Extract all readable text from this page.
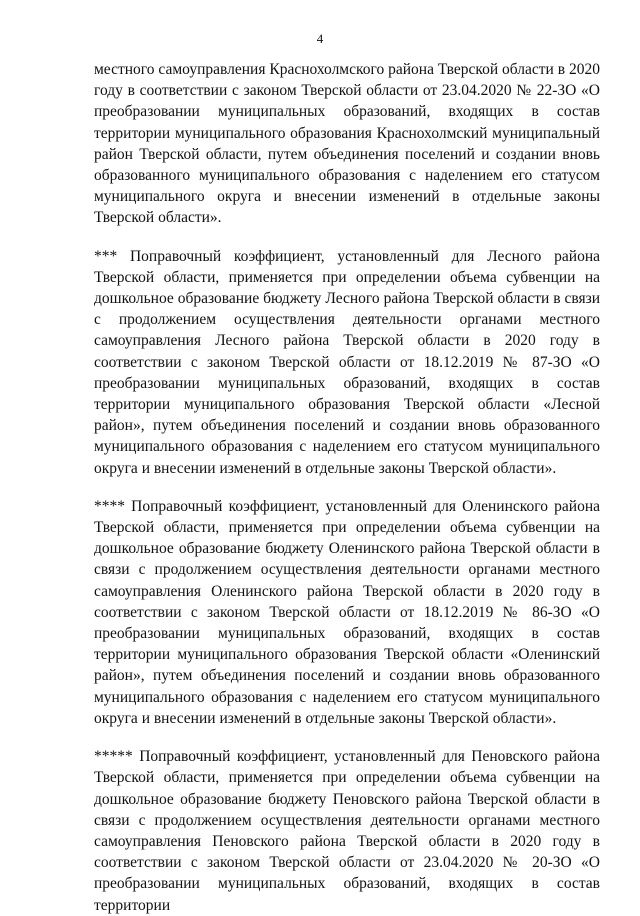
4

местного самоуправления Краснохолмского района Тверской области в 2020 году в соответствии с законом Тверской области от 23.04.2020 № 22-ЗО «О преобразовании муниципальных образований, входящих в состав территории муниципального образования Краснохолмский муниципальный район Тверской области, путем объединения поселений и создании вновь образованного муниципального образования с наделением его статусом муниципального округа и внесении изменений в отдельные законы Тверской области».

*** Поправочный коэффициент, установленный для Лесного района Тверской области, применяется при определении объема субвенции на дошкольное образование бюджету Лесного района Тверской области в связи с продолжением осуществления деятельности органами местного самоуправления Лесного района Тверской области в 2020 году в соответствии с законом Тверской области от 18.12.2019 № 87-ЗО «О преобразовании муниципальных образований, входящих в состав территории муниципального образования Тверской области «Лесной район», путем объединения поселений и создании вновь образованного муниципального образования с наделением его статусом муниципального округа и внесении изменений в отдельные законы Тверской области».

**** Поправочный коэффициент, установленный для Оленинского района Тверской области, применяется при определении объема субвенции на дошкольное образование бюджету Оленинского района Тверской области в связи с продолжением осуществления деятельности органами местного самоуправления Оленинского района Тверской области в 2020 году в соответствии с законом Тверской области от 18.12.2019 № 86-ЗО «О преобразовании муниципальных образований, входящих в состав территории муниципального образования Тверской области «Оленинский район», путем объединения поселений и создании вновь образованного муниципального образования с наделением его статусом муниципального округа и внесении изменений в отдельные законы Тверской области».

***** Поправочный коэффициент, установленный для Пеновского района Тверской области, применяется при определении объема субвенции на дошкольное образование бюджету Пеновского района Тверской области в связи с продолжением осуществления деятельности органами местного самоуправления Пеновского района Тверской области в 2020 году в соответствии с законом Тверской области от 23.04.2020 № 20-ЗО «О преобразовании муниципальных образований, входящих в состав территории
